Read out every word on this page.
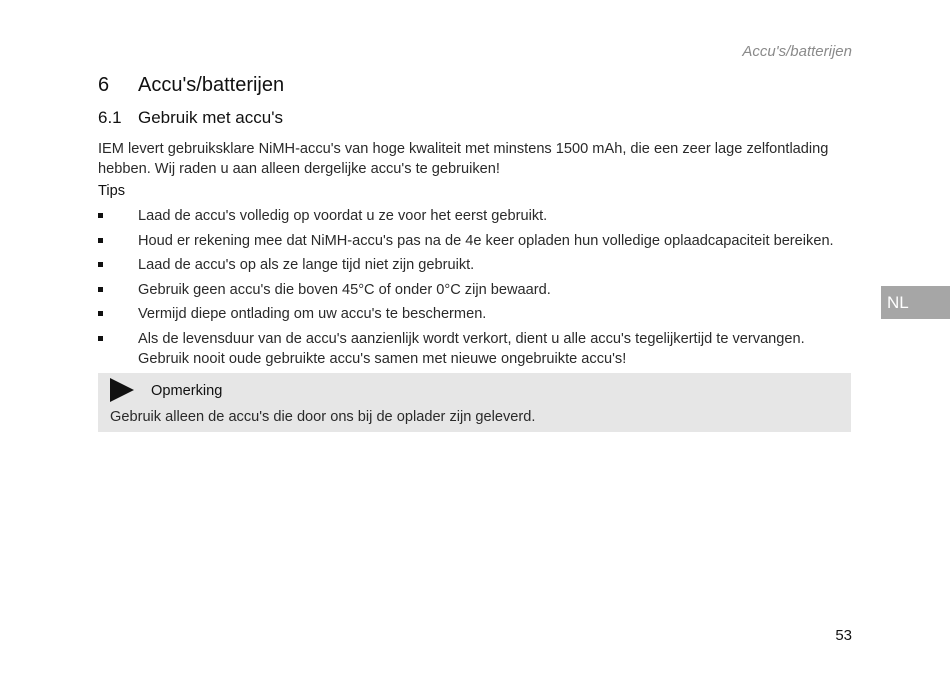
Accu's/batterijen
6	Accu's/batterijen
6.1 Gebruik met accu's

IEM levert gebruiksklare NiMH-accu's van hoge kwaliteit met minstens 1500 mAh, die een zeer lage zelfontlading hebben. Wij raden u aan alleen dergelijke accu's te gebruiken!

Tips
Laad de accu's volledig op voordat u ze voor het eerst gebruikt.
Houd er rekening mee dat NiMH-accu's pas na de 4e keer opladen hun volledige oplaadcapaciteit bereiken.
Laad de accu's op als ze lange tijd niet zijn gebruikt.
Gebruik geen accu's die boven 45°C of onder 0°C zijn bewaard.
Vermijd diepe ontlading om uw accu's te beschermen.
Als de levensduur van de accu's aanzienlijk wordt verkort, dient u alle accu's tegelijkertijd te vervangen. Gebruik nooit oude gebruikte accu's samen met nieuwe ongebruikte accu's!
Opmerking
Gebruik alleen de accu's die door ons bij de oplader zijn geleverd.
NL
53
